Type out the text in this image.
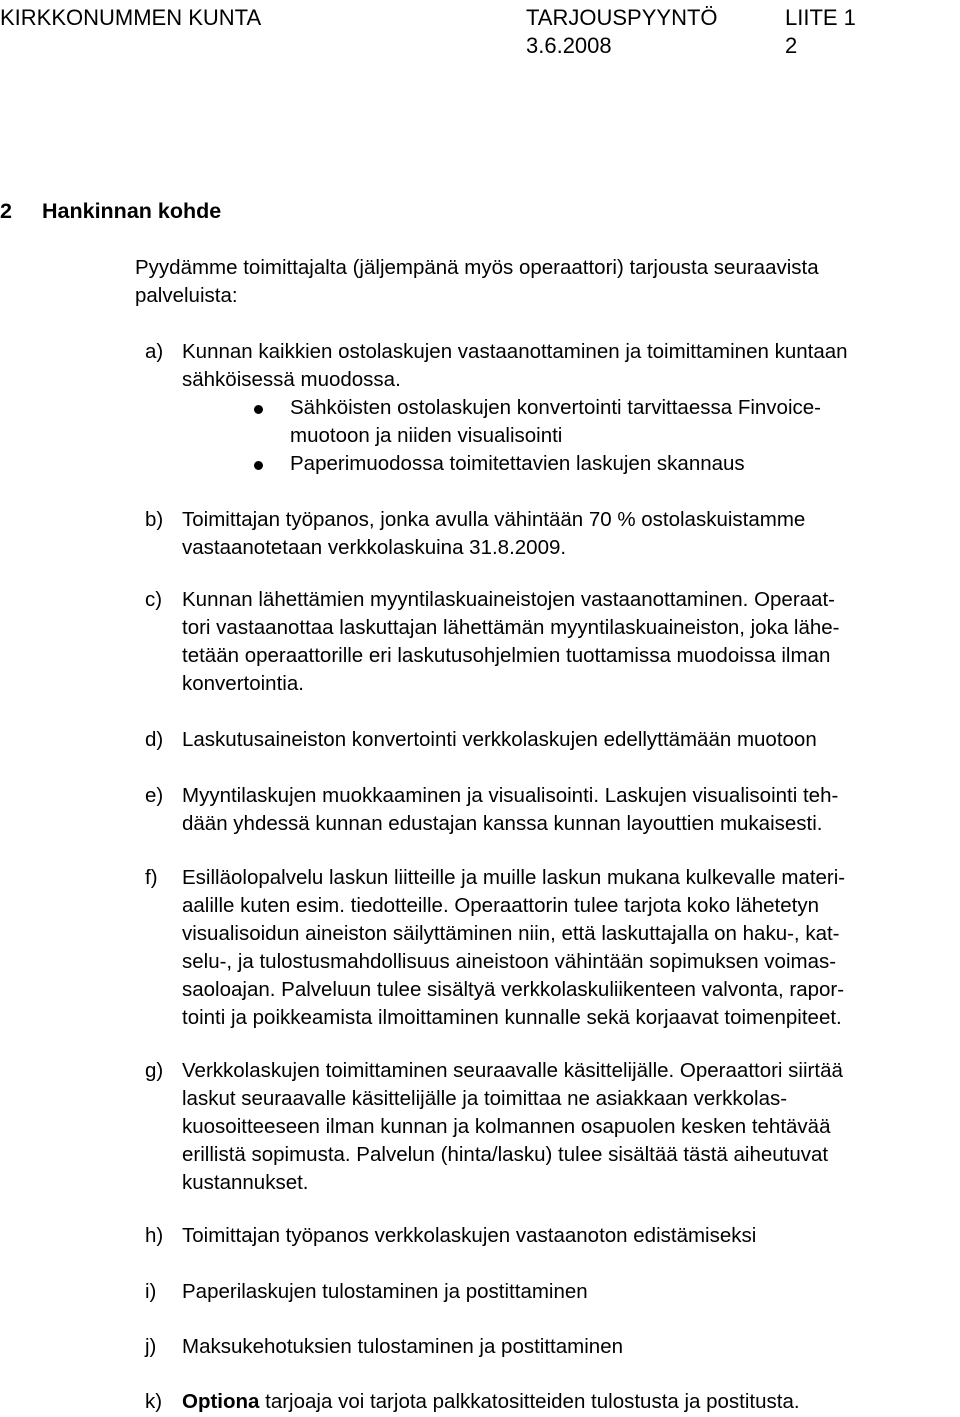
KIRKKONUMMEN KUNTA	TARJOUSPYYNTÖ	LIITE 1
3.6.2008	2
2 Hankinnan kohde
Pyydämme toimittajalta (jäljempänä myös operaattori) tarjousta seuraavista
palveluista:
a) Kunnan kaikkien ostolaskujen vastaanottaminen ja toimittaminen kuntaan
sähköisessä muodossa.
Sähköisten ostolaskujen konvertointi tarvittaessa Finvoice-
muotoon ja niiden visualisointi
Paperimuodossa toimitettavien laskujen skannaus
b) Toimittajan työpanos, jonka avulla vähintään 70 % ostolaskuistamme
vastaanotetaan verkkolaskuina 31.8.2009.
c) Kunnan lähettämien myyntilaskuaineistojen vastaanottaminen. Operaat-
tori vastaanottaa laskuttajan lähettämän myyntilaskuaineiston, joka lähe-
tetään operaattorille eri laskutusohjelmien tuottamissa muodoissa ilman
konvertointia.
d) Laskutusaineiston konvertointi verkkolaskujen edellyttämään muotoon
e) Myyntilaskujen muokkaaminen ja visualisointi. Laskujen visualisointi teh-
dään yhdessä kunnan edustajan kanssa kunnan layouttien mukaisesti.
f) Esilläolopalvelu laskun liitteille ja muille laskun mukana kulkevalle materi-
aalille kuten esim. tiedotteille. Operaattorin tulee tarjota koko lähetetyn
visualisoidun aineiston säilyttäminen niin, että laskuttajalla on haku-, kat-
selu-, ja tulostusmahdollisuus aineistoon vähintään sopimuksen voimas-
saoloajan. Palveluun tulee sisältyä verkkolaskuliikenteen valvonta, rapor-
tointi ja poikkeamista ilmoittaminen kunnalle sekä korjaavat toimenpiteet.
g) Verkkolaskujen toimittaminen seuraavalle käsittelijälle. Operaattori siirtää
laskut seuraavalle käsittelijälle ja toimittaa ne asiakkaan verkkolas-
kuosoitteeseen ilman kunnan ja kolmannen osapuolen kesken tehtävää
erillistä sopimusta. Palvelun (hinta/lasku) tulee sisältää tästä aiheutuvat
kustannukset.
h) Toimittajan työpanos verkkolaskujen vastaanoton edistämiseksi
i) Paperilaskujen tulostaminen ja postittaminen
j) Maksukehotuksien tulostaminen ja postittaminen
k) Optiona tarjoaja voi tarjota palkkatositteiden tulostusta ja postitusta.
